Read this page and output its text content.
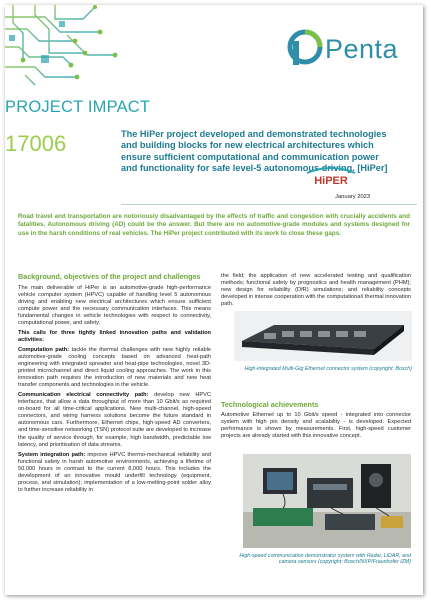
Penta
PROJECT IMPACT
17006	The HiPer project developed and demonstrated technologies and building blocks for new electrical architectures which ensure sufficient computational and communication power and functionality for safe level-5 autonomous driving. [HiPer]
HiPER
January 2023
Road travel and transportation are notoriously disadvantaged by the effects of traffic and congestion with crucially accidents and fatalities. Autonomous driving (AD) could be the answer. But there are no automotive-grade modules and systems designed for use in the harsh conditions of real vehicles. The HiPer project contributed with its work to close these gaps.
Background, objectives of the project and challenges

The main deliverable of HiPer is an automotive-grade high-performance vehicle computer system (HPVC) capable of handling level 5 autonomous driving and enabling new electrical architectures which ensure sufficient compute power and the necessary communication interfaces. This means fundamental changes in vehicle technologies with respect to connectivity, computational power, and safety.

This calls for three tightly linked innovation paths and validation activities:

Computation path: tackle the thermal challenges with new highly reliable automotive-grade cooling concepts based on advanced heat-path engineering with integrated spreader and heat-pipe technologies, novel 3D-printed microchannel and direct liquid cooling approaches. The work in this innovation path requires the introduction of new materials and new heat transfer components and technologies in the vehicle.

Communication electrical connectivity path: develop new HPVC interfaces, that allow a data throughput of more than 10 Gbit/s as required on-board for all time-critical applications. New multi-channel, high-speed connectors, and wiring harness solutions become the future standard in autonomous cars. Furthermore, Ethernet chips, high-speed AD converters, and time-sensitive networking (TSN) protocol suite are developed to increase the quality of service through, for example, high bandwidth, predictable low latency, and prioritisation of data streams.

System integration path: improve HPVC thermo-mechanical reliability and functional safety in harsh automotive environments, achieving a lifetime of 50,000 hours in contrast to the current 8,000 hours. This includes the development of an innovative mould underfill technology (equipment, process, and simulation); implementation of a low-melting-point solder alloy to further increase reliability in

the field; the application of new accelerated testing and qualification methods; functional safety by prognostics and health management (PHM); new design for reliability (DfR) simulations; and reliability concepts developed in intense cooperation with the computational/ thermal innovation path.

High-integrated Multi-Gig Ethernet connector system (copyright: Bosch)
Technological achievements

Automotive Ethernet up to 10 Gbit/s speed - integrated into connector system with high pin density and scalability - is developed. Expected performance is shown by measurements. First, high-speed customer projects are already started with this innovative concept.

High-speed communication demonstrator system with Radar, LiDAR, and camera sensors (copyright: Bosch/NXP/Fraunhofer IZM)
